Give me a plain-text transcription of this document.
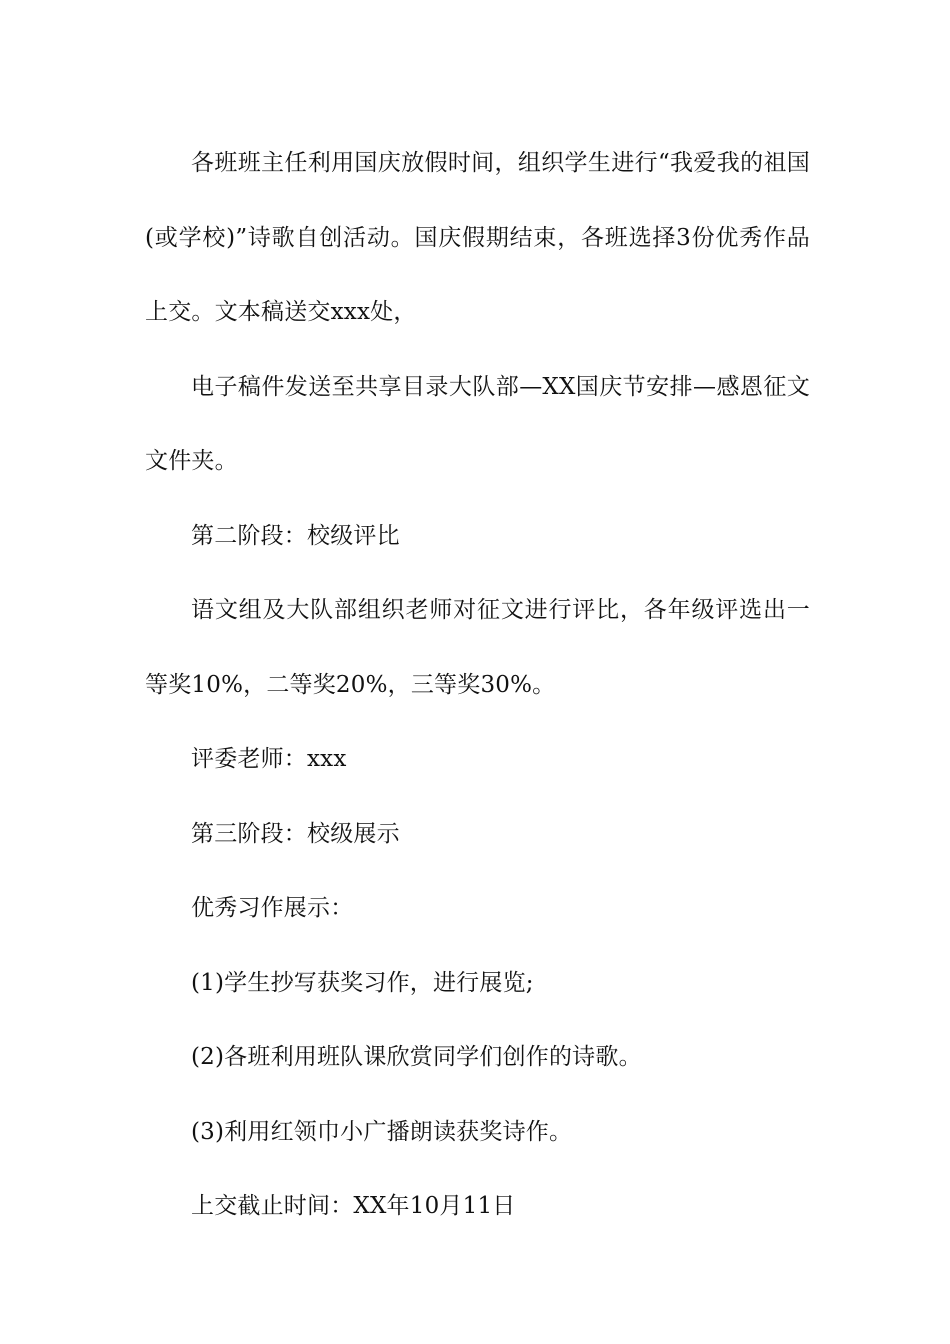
各班班主任利用国庆放假时间，组织学生进行“我爱我的祖国(或学校)”诗歌自创活动。国庆假期结束，各班选择3份优秀作品上交。文本稿送交xxx处，

电子稿件发送至共享目录大队部—XX国庆节安排—感恩征文文件夹。

第二阶段：校级评比

语文组及大队部组织老师对征文进行评比，各年级评选出一等奖10%，二等奖20%，三等奖30%。

评委老师：xxx

第三阶段：校级展示

优秀习作展示：

(1)学生抄写获奖习作，进行展览;

(2)各班利用班队课欣赏同学们创作的诗歌。

(3)利用红领巾小广播朗读获奖诗作。

上交截止时间：XX年10月11日
